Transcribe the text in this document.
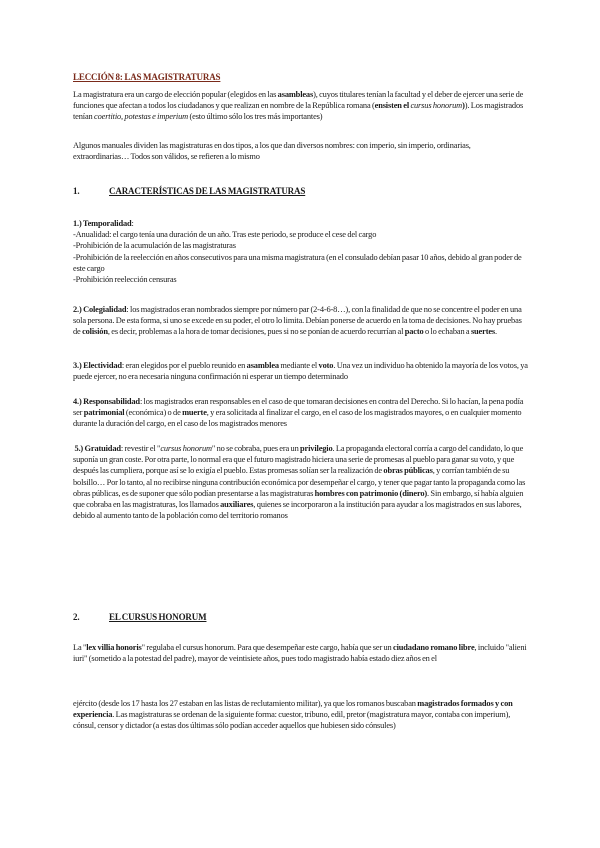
LECCIÓN 8: LAS MAGISTRATURAS

La magistratura era un cargo de elección popular (elegidos en las asambleas), cuyos titulares tenían la facultad y el deber de ejercer una serie de funciones que afectan a todos los ciudadanos y que realizan en nombre de la República romana (ensisten el cursus honorum)). Los magistrados tenían coertitio, potestas e imperium (esto último sólo los tres más importantes)

Algunos manuales dividen las magistraturas en dos tipos, a los que dan diversos nombres: con imperio, sin imperio, ordinarias, extraordinarias… Todos son válidos, se refieren a lo mismo

1.	CARACTERÍSTICAS DE LAS MAGISTRATURAS

1.) Temporalidad:
-Anualidad: el cargo tenía una duración de un año. Tras este periodo, se produce el cese del cargo
-Prohibición de la acumulación de las magistraturas
-Prohibición de la reelección en años consecutivos para una misma magistratura (en el consulado debían pasar 10 años, debido al gran poder de este cargo
-Prohibición reelección censuras

2.) Colegialidad: los magistrados eran nombrados siempre por número par (2-4-6-8…), con la finalidad de que no se concentre el poder en una sola persona. De esta forma, si uno se excede en su poder, el otro lo limita. Debían ponerse de acuerdo en la toma de decisiones. No hay pruebas de colisión, es decir, problemas a la hora de tomar decisiones, pues si no se ponían de acuerdo recurrían al pacto o lo echaban a suertes.

3.) Electividad: eran elegidos por el pueblo reunido en asamblea mediante el voto. Una vez un individuo ha obtenido la mayoría de los votos, ya puede ejercer, no era necesaria ninguna confirmación ni esperar un tiempo determinado

4.) Responsabilidad: los magistrados eran responsables en el caso de que tomaran decisiones en contra del Derecho. Si lo hacían, la pena podía ser patrimonial (económica) o de muerte, y era solicitada al finalizar el cargo, en el caso de los magistrados mayores, o en cualquier momento durante la duración del cargo, en el caso de los magistrados menores

5.) Gratuidad: revestir el "cursus honorum" no se cobraba, pues era un privilegio. La propaganda electoral corría a cargo del candidato, lo que suponía un gran coste. Por otra parte, lo normal era que el futuro magistrado hiciera una serie de promesas al pueblo para ganar su voto, y que después las cumpliera, porque así se lo exigía el pueblo. Estas promesas solían ser la realización de obras públicas, y corrían también de su bolsillo… Por lo tanto, al no recibirse ninguna contribución económica por desempeñar el cargo, y tener que pagar tanto la propaganda como las obras públicas, es de suponer que sólo podían presentarse a las magistraturas hombres con patrimonio (dinero). Sin embargo, sí había alguien que cobraba en las magistraturas, los llamados auxiliares, quienes se incorporaron a la institución para ayudar a los magistrados en sus labores, debido al aumento tanto de la población como del territorio romanos

2.	EL CURSUS HONORUM

La "lex villia honoris" regulaba el cursus honorum. Para que desempeñar este cargo, había que ser un ciudadano romano libre, incluido "alieni iuri" (sometido a la potestad del padre), mayor de veintisiete años, pues todo magistrado había estado diez años en el

ejército (desde los 17 hasta los 27 estaban en las listas de reclutamiento militar), ya que los romanos buscaban magistrados formados y con experiencia. Las magistraturas se ordenan de la siguiente forma: cuestor, tribuno, edil, pretor (magistratura mayor, contaba con imperium), cónsul, censor y dictador (a estas dos últimas sólo podían acceder aquellos que hubiesen sido cónsules)
